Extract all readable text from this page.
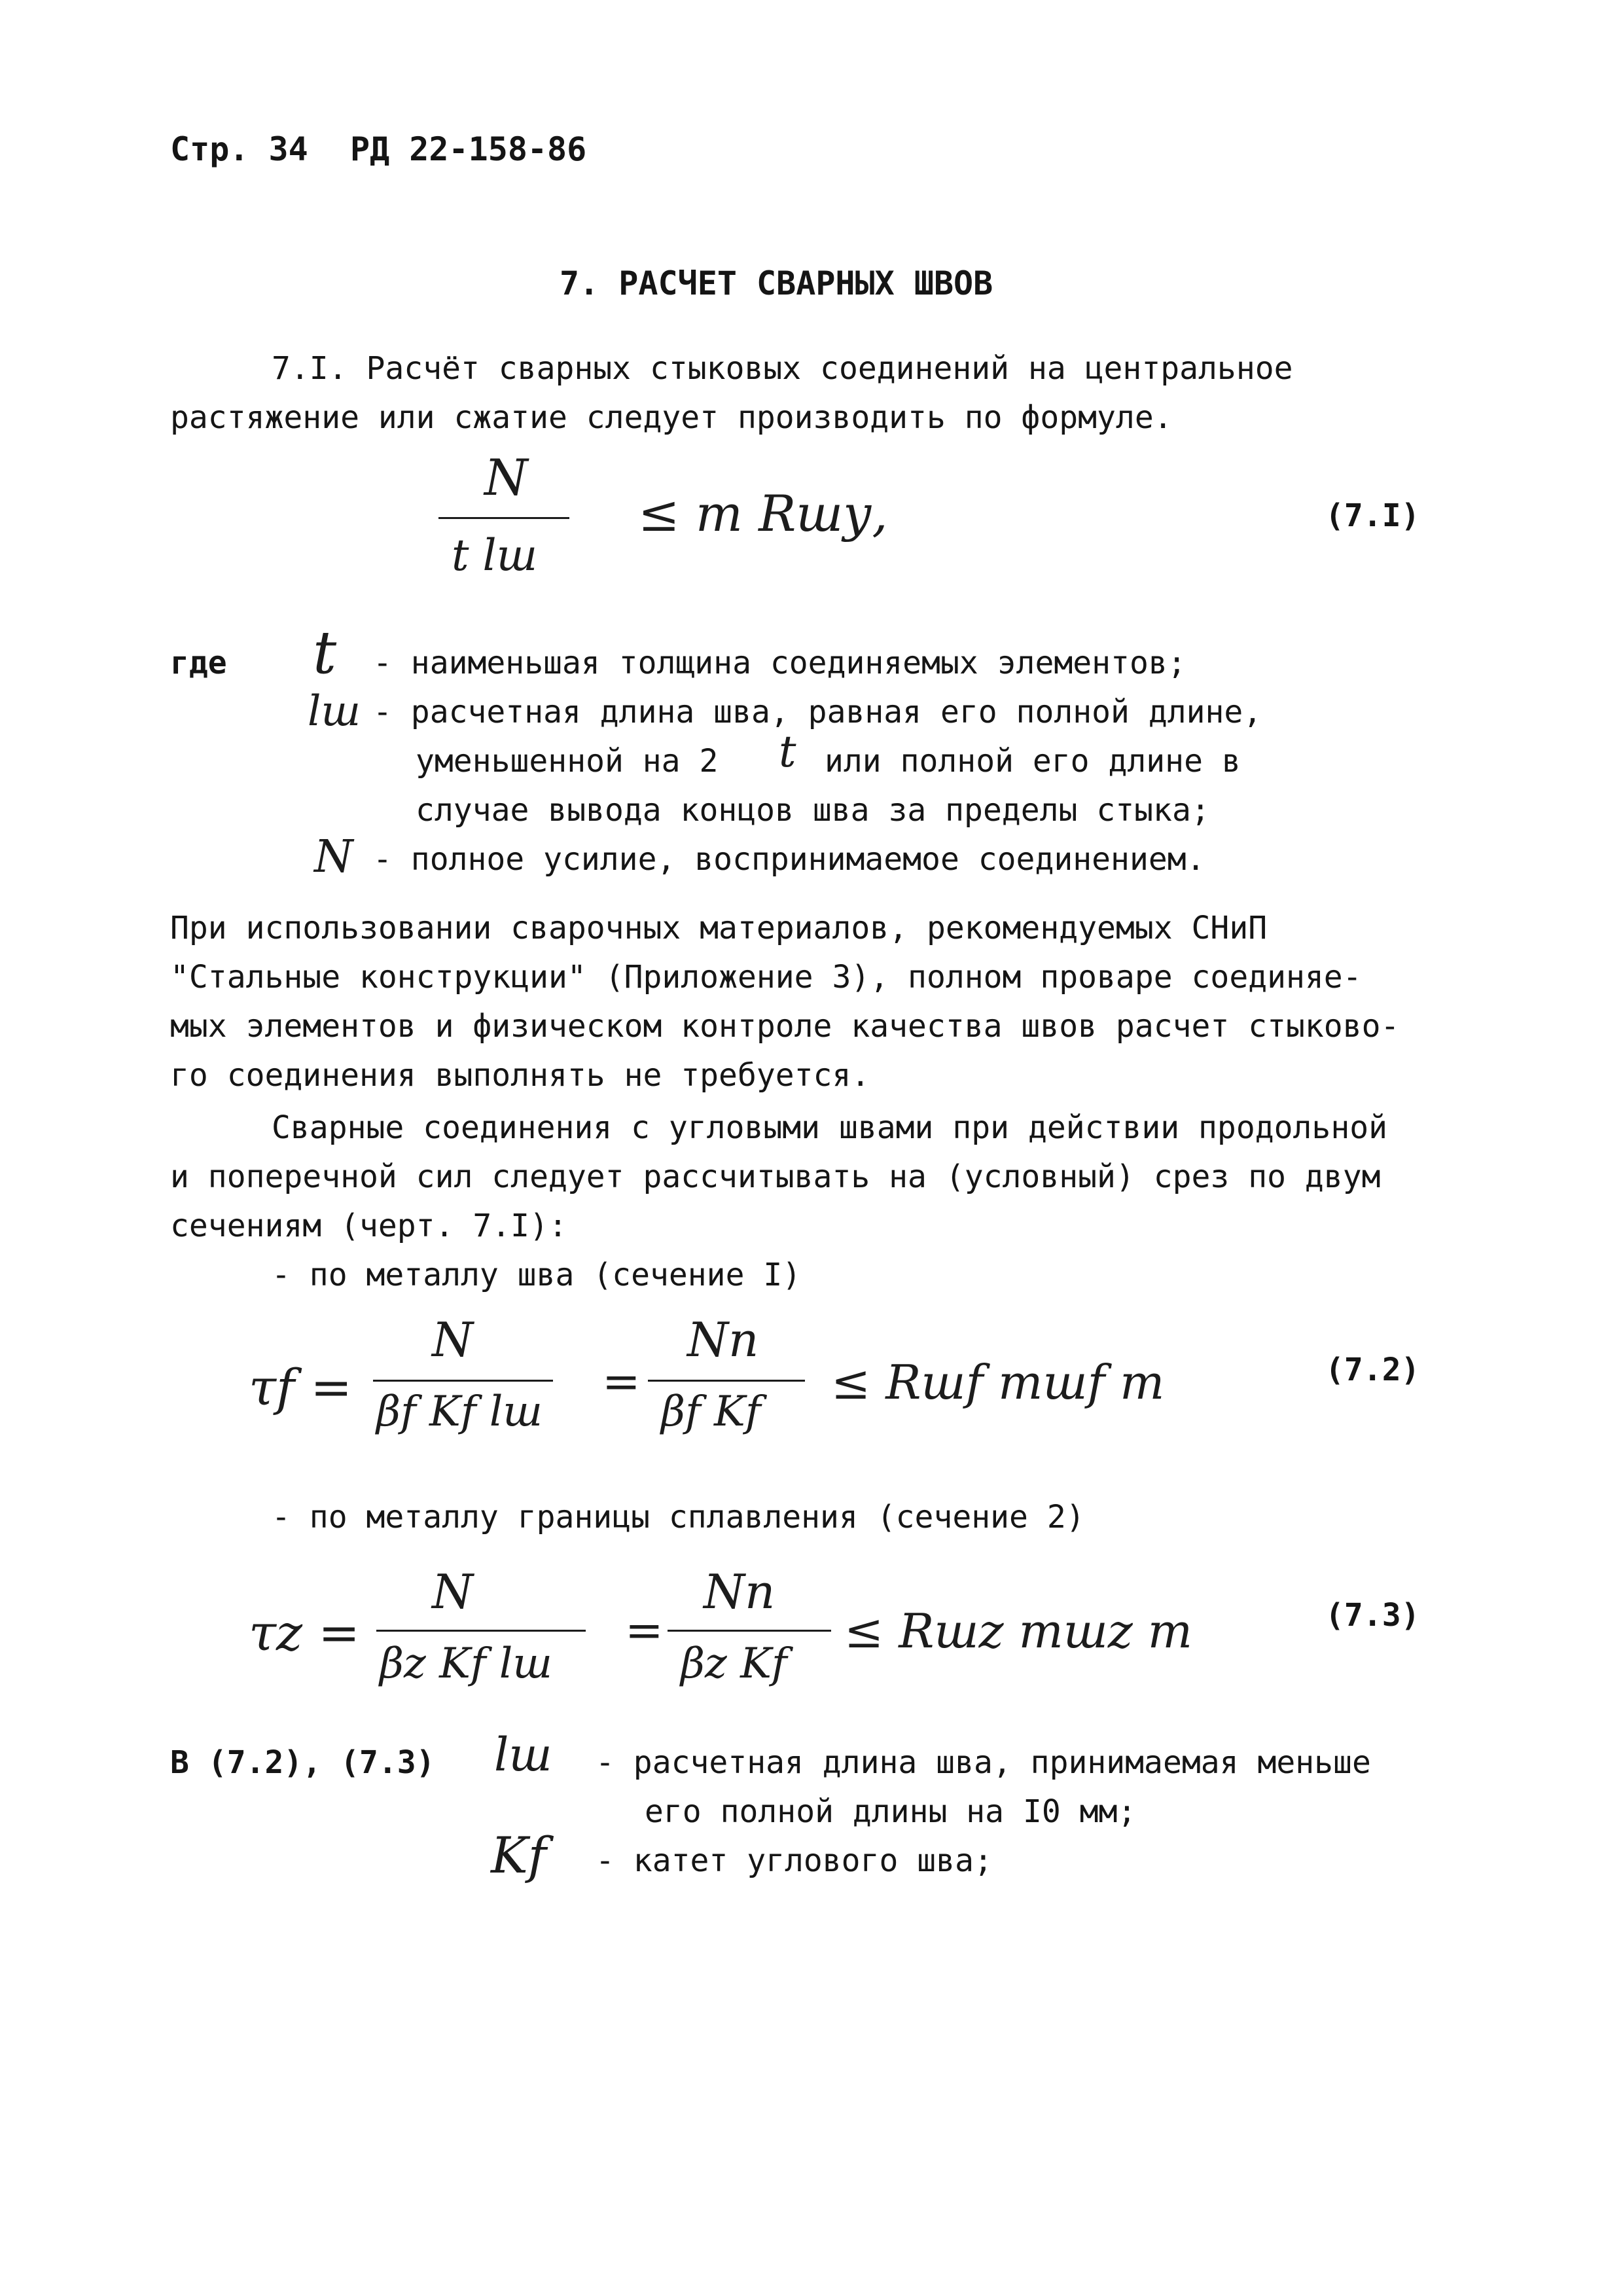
Стр. 34 РД 22-158-86
7. РАСЧЕТ СВАРНЫХ ШВОВ
7.I. Расчёт сварных стыковых соединений на центральное
растяжение или сжатие следует производить по формуле.
N
t lш
≤ m Rшу,	(7.I)
где t - наименьшая толщина соединяемых элементов;
lш - расчетная длина шва, равная его полной длине,
уменьшенной на 2 t или полной его длине в
случае вывода концов шва за пределы стыка;
N - полное усилие, воспринимаемое соединением.
При использовании сварочных материалов, рекомендуемых СНиП
"Стальные конструкции" (Приложение 3), полном проваре соединяе-
мых элементов и физическом контроле качества швов расчет стыково-
го соединения выполнять не требуется.
Сварные соединения с угловыми швами при действии продольной
и поперечной сил следует рассчитывать на (условный) срез по двум
сечениям (черт. 7.I):
- по металлу шва (сечение I)
τf =
N
βf Kf lш
=
Nn
βf Kf
≤ Rшf mшf m	(7.2)
- по металлу границы сплавления (сечение 2)
τz =
N
βz Kf lш
=
Nn
βz Kf
≤ Rшz mшz m	(7.3)
В (7.2), (7.3) lш - расчетная длина шва, принимаемая меньше
его полной длины на I0 мм;
Kf - катет углового шва;
